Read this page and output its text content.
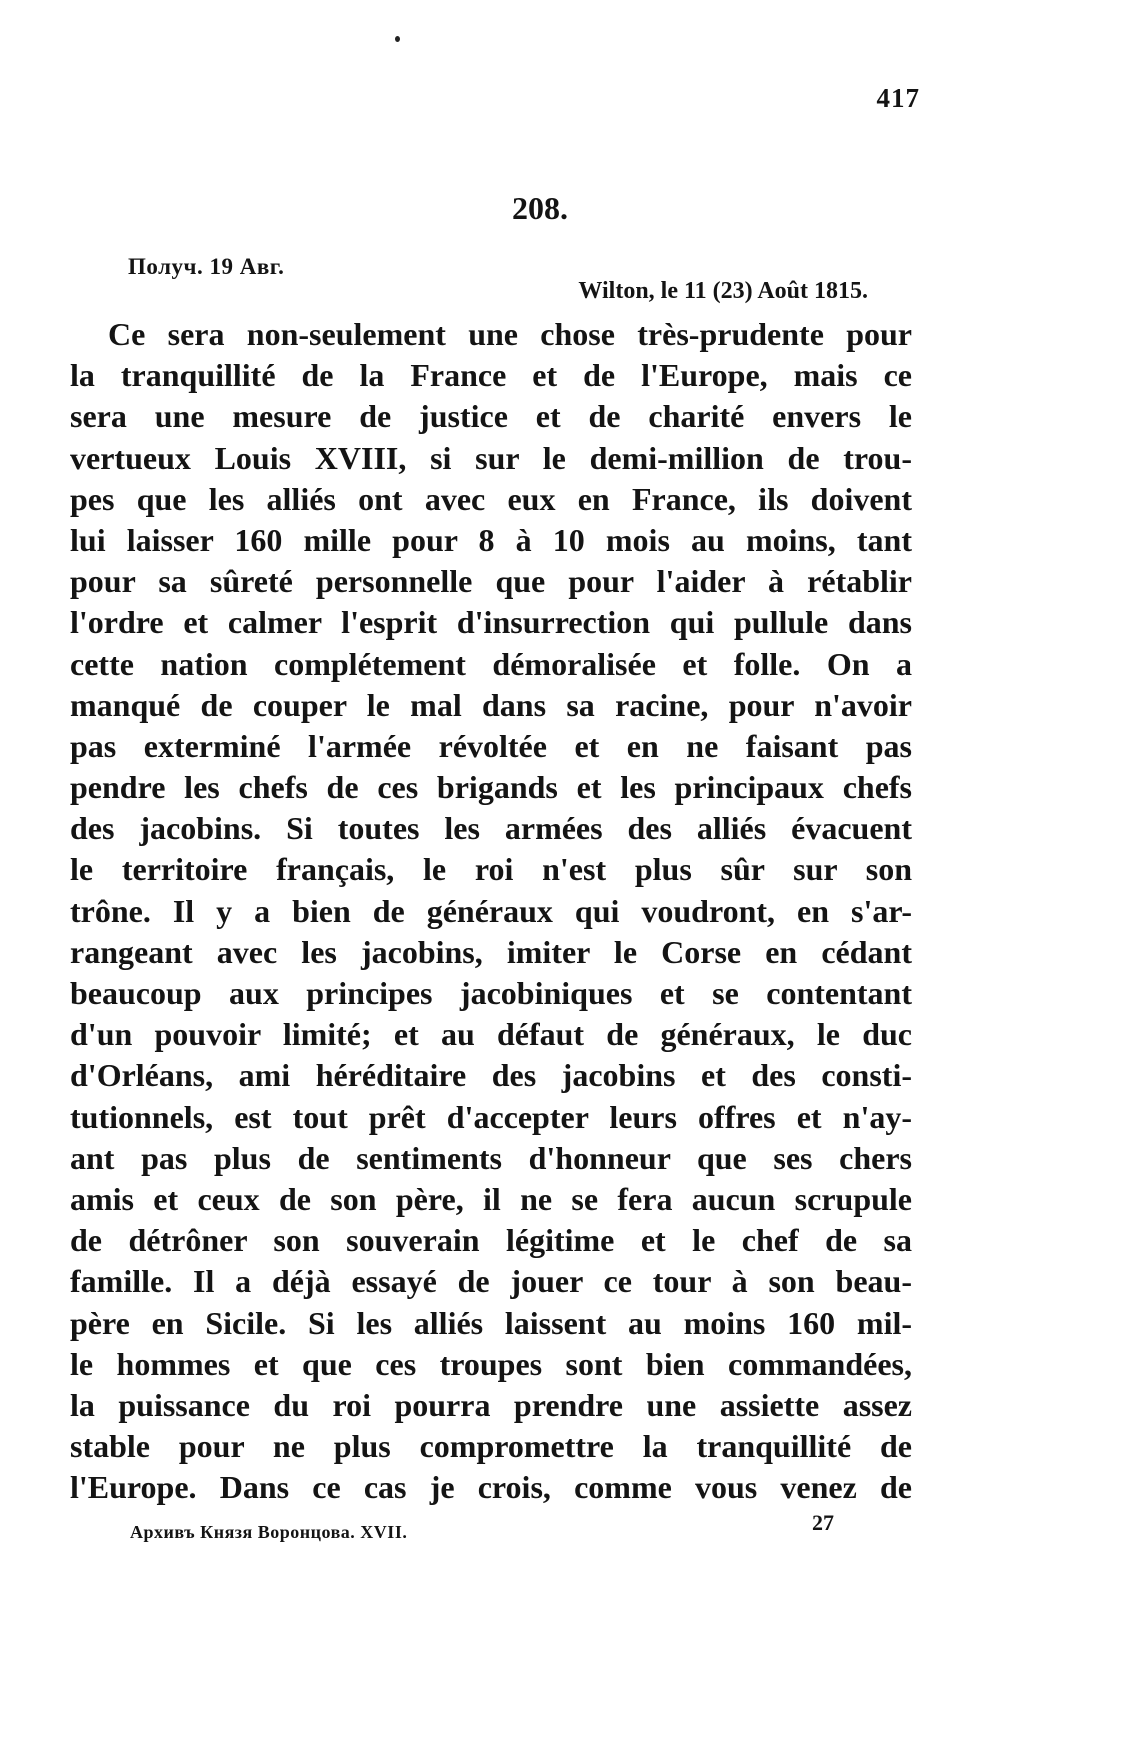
417
208.
Получ. 19 Авг.
Wilton, le 11 (23) Août 1815.
Ce sera non-seulement une chose très-prudente pour
la tranquillité de la France et de l'Europe, mais ce
sera une mesure de justice et de charité envers le
vertueux Louis XVIII, si sur le demi-million de trou-
pes que les alliés ont avec eux en France, ils doivent
lui laisser 160 mille pour 8 à 10 mois au moins, tant
pour sa sûreté personnelle que pour l'aider à rétablir
l'ordre et calmer l'esprit d'insurrection qui pullule dans
cette nation complétement démoralisée et folle. On a
manqué de couper le mal dans sa racine, pour n'avoir
pas exterminé l'armée révoltée et en ne faisant pas
pendre les chefs de ces brigands et les principaux chefs
des jacobins. Si toutes les armées des alliés évacuent
le territoire français, le roi n'est plus sûr sur son
trône. Il y a bien de généraux qui voudront, en s'ar-
rangeant avec les jacobins, imiter le Corse en cédant
beaucoup aux principes jacobiniques et se contentant
d'un pouvoir limité; et au défaut de généraux, le duc
d'Orléans, ami héréditaire des jacobins et des consti-
tutionnels, est tout prêt d'accepter leurs offres et n'ay-
ant pas plus de sentiments d'honneur que ses chers
amis et ceux de son père, il ne se fera aucun scrupule
de détrôner son souverain légitime et le chef de sa
famille. Il a déjà essayé de jouer ce tour à son beau-
père en Sicile. Si les alliés laissent au moins 160 mil-
le hommes et que ces troupes sont bien commandées,
la puissance du roi pourra prendre une assiette assez
stable pour ne plus compromettre la tranquillité de
l'Europe. Dans ce cas je crois, comme vous venez de
Архивъ Князя Воронцова. XVII.	27
